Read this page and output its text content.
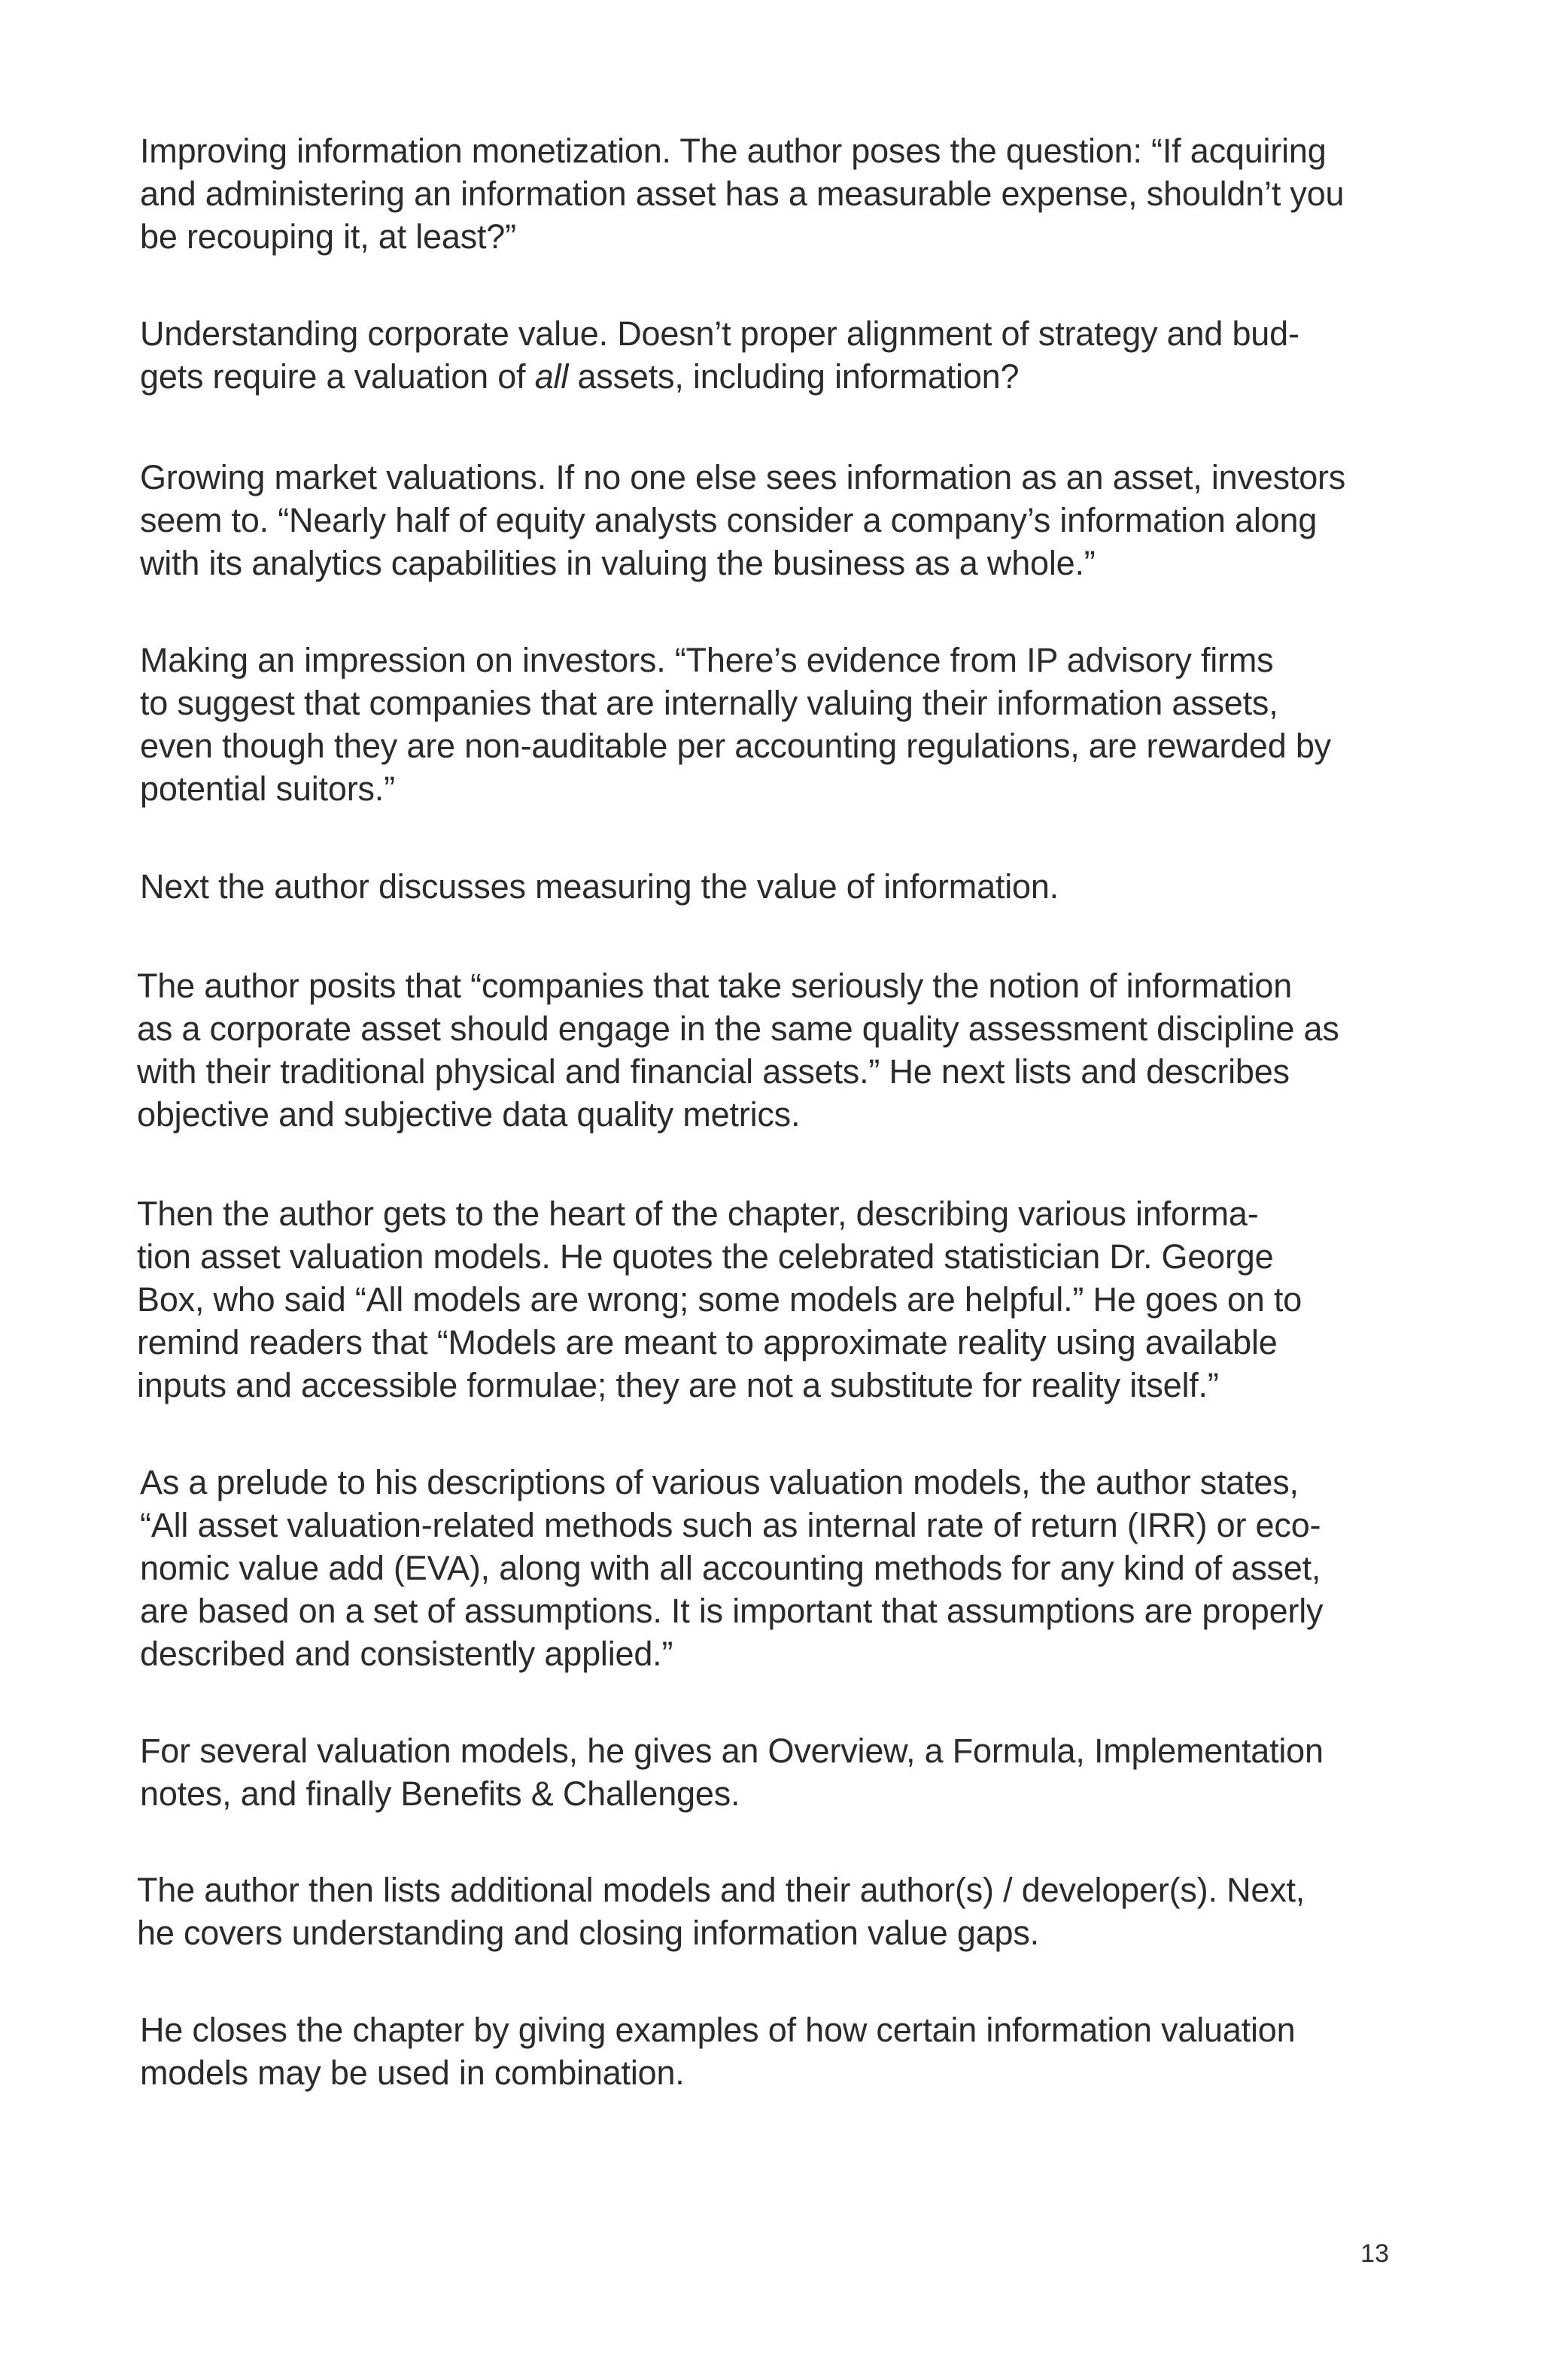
Improving information monetization. The author poses the question: “If acquiring
and administering an information asset has a measurable expense, shouldn’t you
be recouping it, at least?”

Understanding corporate value. Doesn’t proper alignment of strategy and bud-
gets require a valuation of all assets, including information?

Growing market valuations. If no one else sees information as an asset, investors
seem to. “Nearly half of equity analysts consider a company’s information along
with its analytics capabilities in valuing the business as a whole.”

Making an impression on investors. “There’s evidence from IP advisory firms
to suggest that companies that are internally valuing their information assets,
even though they are non-auditable per accounting regulations, are rewarded by
potential suitors.”

Next the author discusses measuring the value of information.

The author posits that “companies that take seriously the notion of information
as a corporate asset should engage in the same quality assessment discipline as
with their traditional physical and financial assets.” He next lists and describes
objective and subjective data quality metrics.

Then the author gets to the heart of the chapter, describing various informa-
tion asset valuation models. He quotes the celebrated statistician Dr. George
Box, who said “All models are wrong; some models are helpful.” He goes on to
remind readers that “Models are meant to approximate reality using available
inputs and accessible formulae; they are not a substitute for reality itself.”

As a prelude to his descriptions of various valuation models, the author states,
“All asset valuation-related methods such as internal rate of return (IRR) or eco-
nomic value add (EVA), along with all accounting methods for any kind of asset,
are based on a set of assumptions. It is important that assumptions are properly
described and consistently applied.”

For several valuation models, he gives an Overview, a Formula, Implementation
notes, and finally Benefits & Challenges.

The author then lists additional models and their author(s) / developer(s). Next,
he covers understanding and closing information value gaps.

He closes the chapter by giving examples of how certain information valuation
models may be used in combination.

13
